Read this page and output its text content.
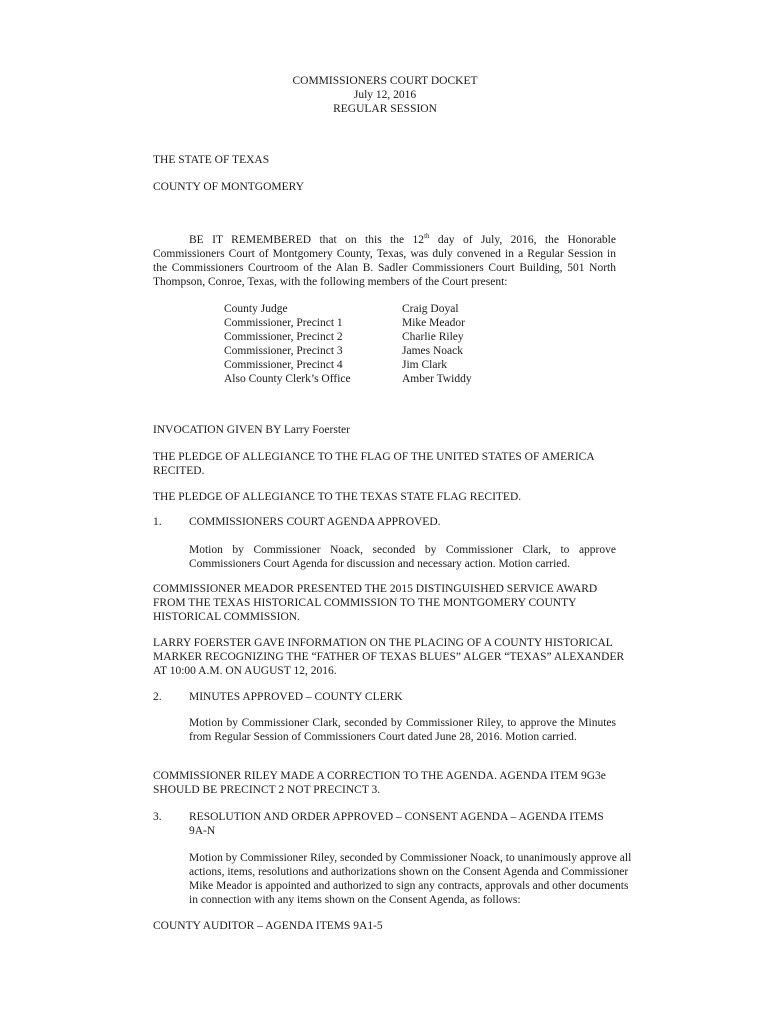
COMMISSIONERS COURT DOCKET
July 12, 2016
REGULAR SESSION
THE STATE OF TEXAS
COUNTY OF MONTGOMERY
BE IT REMEMBERED that on this the 12th day of July, 2016, the Honorable Commissioners Court of Montgomery County, Texas, was duly convened in a Regular Session in the Commissioners Courtroom of the Alan B. Sadler Commissioners Court Building, 501 North Thompson, Conroe, Texas, with the following members of the Court present:
County Judge	Craig Doyal
Commissioner, Precinct 1	Mike Meador
Commissioner, Precinct 2	Charlie Riley
Commissioner, Precinct 3	James Noack
Commissioner, Precinct 4	Jim Clark
Also County Clerk’s Office	Amber Twiddy
INVOCATION GIVEN BY Larry Foerster
THE PLEDGE OF ALLEGIANCE TO THE FLAG OF THE UNITED STATES OF AMERICA RECITED.
THE PLEDGE OF ALLEGIANCE TO THE TEXAS STATE FLAG RECITED.
1. COMMISSIONERS COURT AGENDA APPROVED.
Motion by Commissioner Noack, seconded by Commissioner Clark, to approve Commissioners Court Agenda for discussion and necessary action. Motion carried.
COMMISSIONER MEADOR PRESENTED THE 2015 DISTINGUISHED SERVICE AWARD FROM THE TEXAS HISTORICAL COMMISSION TO THE MONTGOMERY COUNTY HISTORICAL COMMISSION.
LARRY FOERSTER GAVE INFORMATION ON THE PLACING OF A COUNTY HISTORICAL MARKER RECOGNIZING THE “FATHER OF TEXAS BLUES” ALGER “TEXAS” ALEXANDER AT 10:00 A.M. ON AUGUST 12, 2016.
2. MINUTES APPROVED – COUNTY CLERK
Motion by Commissioner Clark, seconded by Commissioner Riley, to approve the Minutes from Regular Session of Commissioners Court dated June 28, 2016. Motion carried.
COMMISSIONER RILEY MADE A CORRECTION TO THE AGENDA. AGENDA ITEM 9G3e SHOULD BE PRECINCT 2 NOT PRECINCT 3.
3. RESOLUTION AND ORDER APPROVED – CONSENT AGENDA – AGENDA ITEMS 9A-N
Motion by Commissioner Riley, seconded by Commissioner Noack, to unanimously approve all actions, items, resolutions and authorizations shown on the Consent Agenda and Commissioner Mike Meador is appointed and authorized to sign any contracts, approvals and other documents in connection with any items shown on the Consent Agenda, as follows:
COUNTY AUDITOR – AGENDA ITEMS 9A1-5
